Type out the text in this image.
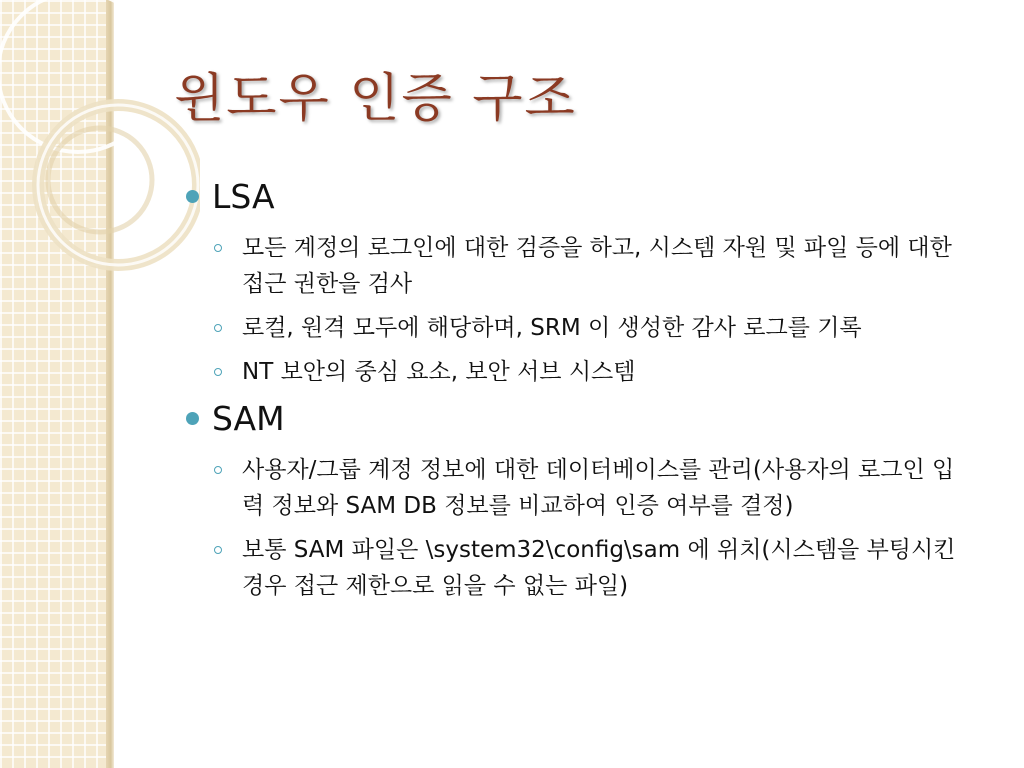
윈도우 인증 구조
LSA
모든 계정의 로그인에 대한 검증을 하고, 시스템 자원 및 파일 등에 대한 접근 권한을 검사
로컬, 원격 모두에 해당하며, SRM 이 생성한 감사 로그를 기록
NT 보안의 중심 요소, 보안 서브 시스템
SAM
사용자/그룹 계정 정보에 대한 데이터베이스를 관리(사용자의 로그인 입력 정보와 SAM DB 정보를 비교하여 인증 여부를 결정)
보통 SAM 파일은 \system32\config\sam 에 위치(시스템을 부팅시킨 경우 접근 제한으로 읽을 수 없는 파일)
